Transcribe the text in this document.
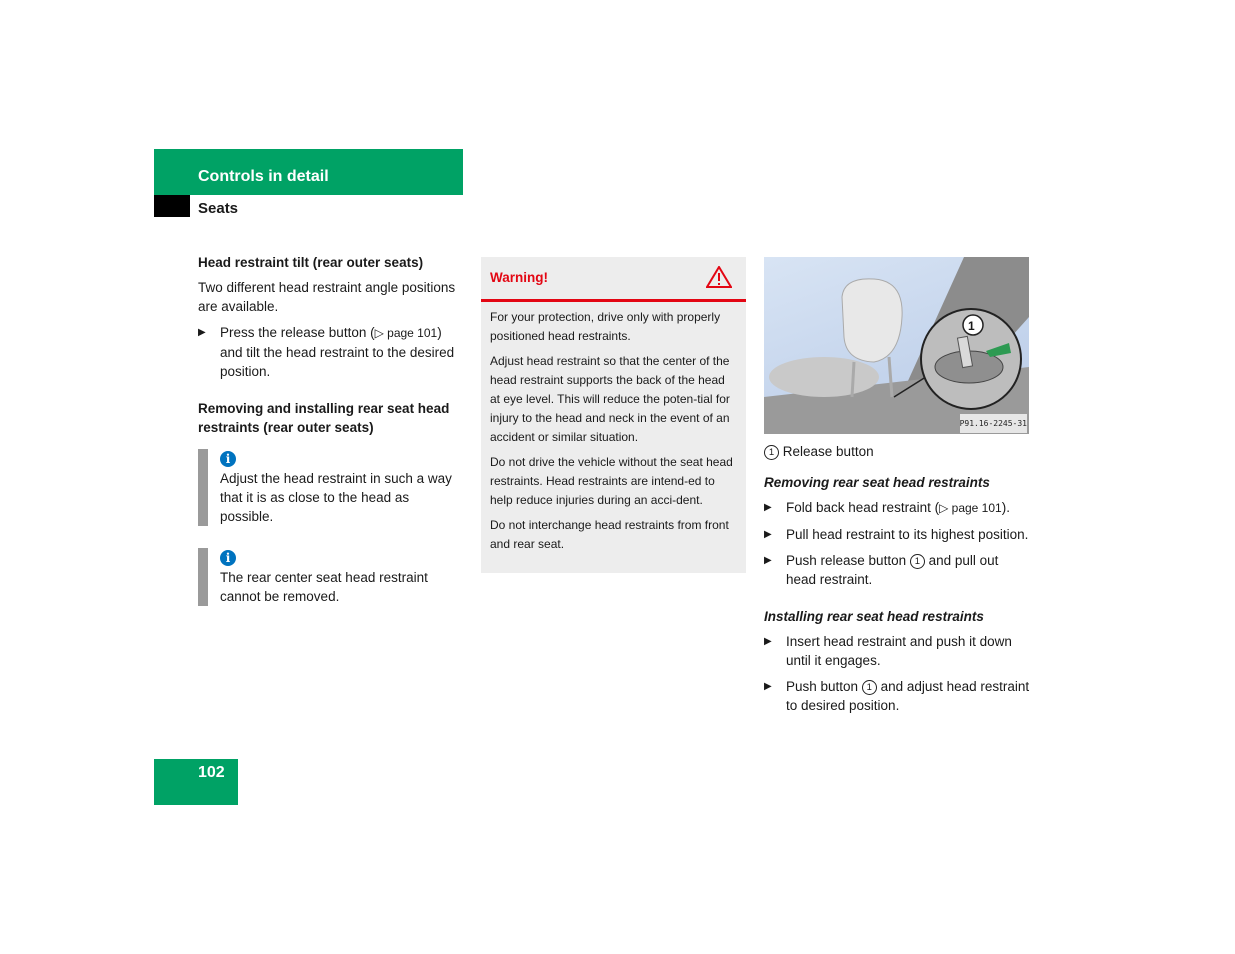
Controls in detail
Seats
Head restraint tilt (rear outer seats)

Two different head restraint angle positions are available.

▶ Press the release button (▷ page 101) and tilt the head restraint to the desired position.
Removing and installing rear seat head restraints (rear outer seats)
i
Adjust the head restraint in such a way that it is as close to the head as possible.
i
The rear center seat head restraint cannot be removed.
Warning!

For your protection, drive only with properly positioned head restraints.

Adjust head restraint so that the center of the head restraint supports the back of the head at eye level. This will reduce the poten-tial for injury to the head and neck in the event of an accident or similar situation.

Do not drive the vehicle without the seat head restraints. Head restraints are intend-ed to help reduce injuries during an acci-dent.

Do not interchange head restraints from front and rear seat.

1
P91.16-2245-31

1 Release button

Removing rear seat head restraints
▶ Fold back head restraint (▷ page 101).
▶ Pull head restraint to its highest position.
▶ Push release button 1 and pull out head restraint.
Installing rear seat head restraints
▶ Insert head restraint and push it down until it engages.
▶ Push button 1 and adjust head restraint to desired position.
102
